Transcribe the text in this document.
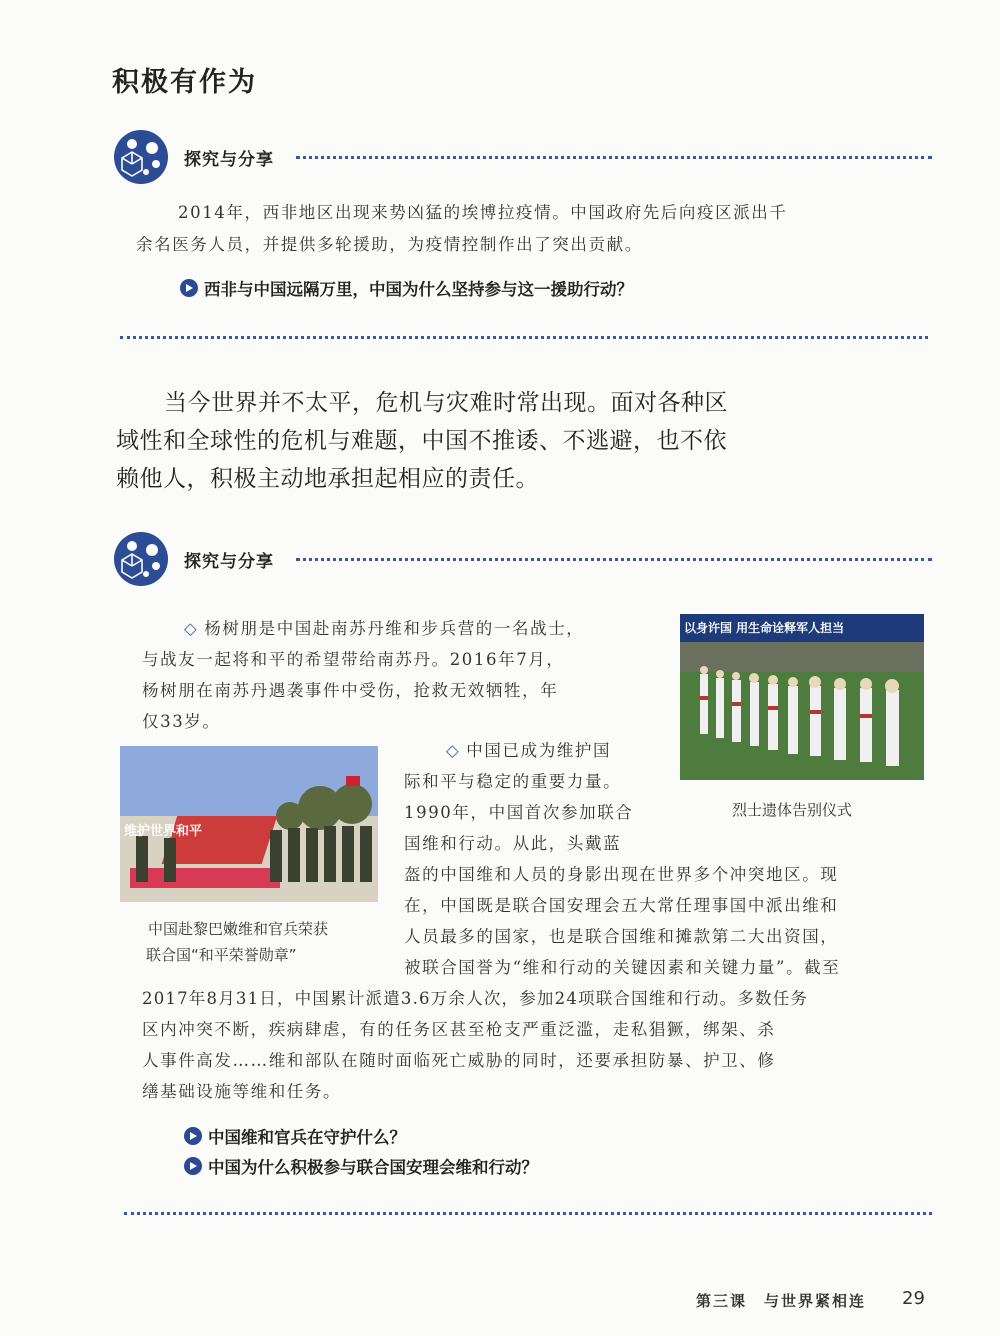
积极有作为
探究与分享
2014年，西非地区出现来势凶猛的埃博拉疫情。中国政府先后向疫区派出千
余名医务人员，并提供多轮援助，为疫情控制作出了突出贡献。
西非与中国远隔万里，中国为什么坚持参与这一援助行动？
当今世界并不太平，危机与灾难时常出现。面对各种区
域性和全球性的危机与难题，中国不推诿、不逃避，也不依
赖他人，积极主动地承担起相应的责任。
探究与分享
以身许国 用生命诠释军人担当
烈士遗体告别仪式
◇ 杨树朋是中国赴南苏丹维和步兵营的一名战士，
与战友一起将和平的希望带给南苏丹。2016年7月，
杨树朋在南苏丹遇袭事件中受伤，抢救无效牺牲，年
仅33岁。
维护世界和平
中国赴黎巴嫩维和官兵荣获
联合国“和平荣誉勋章”
◇ 中国已成为维护国
际和平与稳定的重要力量。
1990年，中国首次参加联合
国维和行动。从此，头戴蓝
盔的中国维和人员的身影出现在世界多个冲突地区。现
在，中国既是联合国安理会五大常任理事国中派出维和
人员最多的国家，也是联合国维和摊款第二大出资国，
被联合国誉为“维和行动的关键因素和关键力量”。截至
2017年8月31日，中国累计派遣3.6万余人次，参加24项联合国维和行动。多数任务
区内冲突不断，疾病肆虐，有的任务区甚至枪支严重泛滥，走私猖獗，绑架、杀
人事件高发……维和部队在随时面临死亡威胁的同时，还要承担防暴、护卫、修
缮基础设施等维和任务。
中国维和官兵在守护什么？
中国为什么积极参与联合国安理会维和行动？
第三课　与世界紧相连 29
